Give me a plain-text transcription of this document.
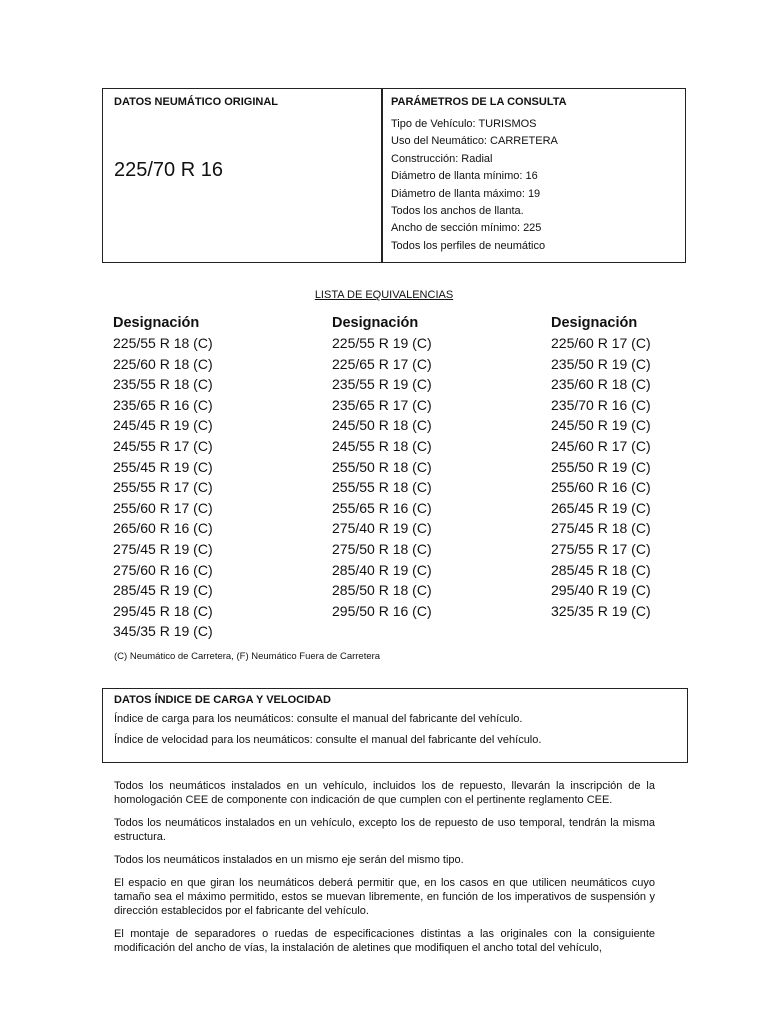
DATOS NEUMÁTICO ORIGINAL
225/70 R 16
PARÁMETROS DE LA CONSULTA
Tipo de Vehículo: TURISMOS
Uso del Neumático: CARRETERA
Construcción: Radial
Diámetro de llanta mínimo: 16
Diámetro de llanta máximo: 19
Todos los anchos de llanta.
Ancho de sección mínimo: 225
Todos los perfiles de neumático
LISTA DE EQUIVALENCIAS
Designación
225/55 R 18 (C)
225/60 R 18 (C)
235/55 R 18 (C)
235/65 R 16 (C)
245/45 R 19 (C)
245/55 R 17 (C)
255/45 R 19 (C)
255/55 R 17 (C)
255/60 R 17 (C)
265/60 R 16 (C)
275/45 R 19 (C)
275/60 R 16 (C)
285/45 R 19 (C)
295/45 R 18 (C)
345/35 R 19 (C)
Designación
225/55 R 19 (C)
225/65 R 17 (C)
235/55 R 19 (C)
235/65 R 17 (C)
245/50 R 18 (C)
245/55 R 18 (C)
255/50 R 18 (C)
255/55 R 18 (C)
255/65 R 16 (C)
275/40 R 19 (C)
275/50 R 18 (C)
285/40 R 19 (C)
285/50 R 18 (C)
295/50 R 16 (C)
Designación
225/60 R 17 (C)
235/50 R 19 (C)
235/60 R 18 (C)
235/70 R 16 (C)
245/50 R 19 (C)
245/60 R 17 (C)
255/50 R 19 (C)
255/60 R 16 (C)
265/45 R 19 (C)
275/45 R 18 (C)
275/55 R 17 (C)
285/45 R 18 (C)
295/40 R 19 (C)
325/35 R 19 (C)
(C) Neumático de Carretera, (F) Neumático Fuera de Carretera
DATOS ÍNDICE DE CARGA Y VELOCIDAD
Índice de carga para los neumáticos: consulte el manual del fabricante del vehículo.
Índice de velocidad para los neumáticos: consulte el manual del fabricante del vehículo.

Todos los neumáticos instalados en un vehículo, incluidos los de repuesto, llevarán la inscripción de la homologación CEE de componente con indicación de que cumplen con el pertinente reglamento CEE.

Todos los neumáticos instalados en un vehículo, excepto los de repuesto de uso temporal, tendrán la misma estructura.

Todos los neumáticos instalados en un mismo eje serán del mismo tipo.

El espacio en que giran los neumáticos deberá permitir que, en los casos en que utilicen neumáticos cuyo tamaño sea el máximo permitido, estos se muevan libremente, en función de los imperativos de suspensión y dirección establecidos por el fabricante del vehículo.

El montaje de separadores o ruedas de especificaciones distintas a las originales con la consiguiente modificación del ancho de vías, la instalación de aletines que modifiquen el ancho total del vehículo,
